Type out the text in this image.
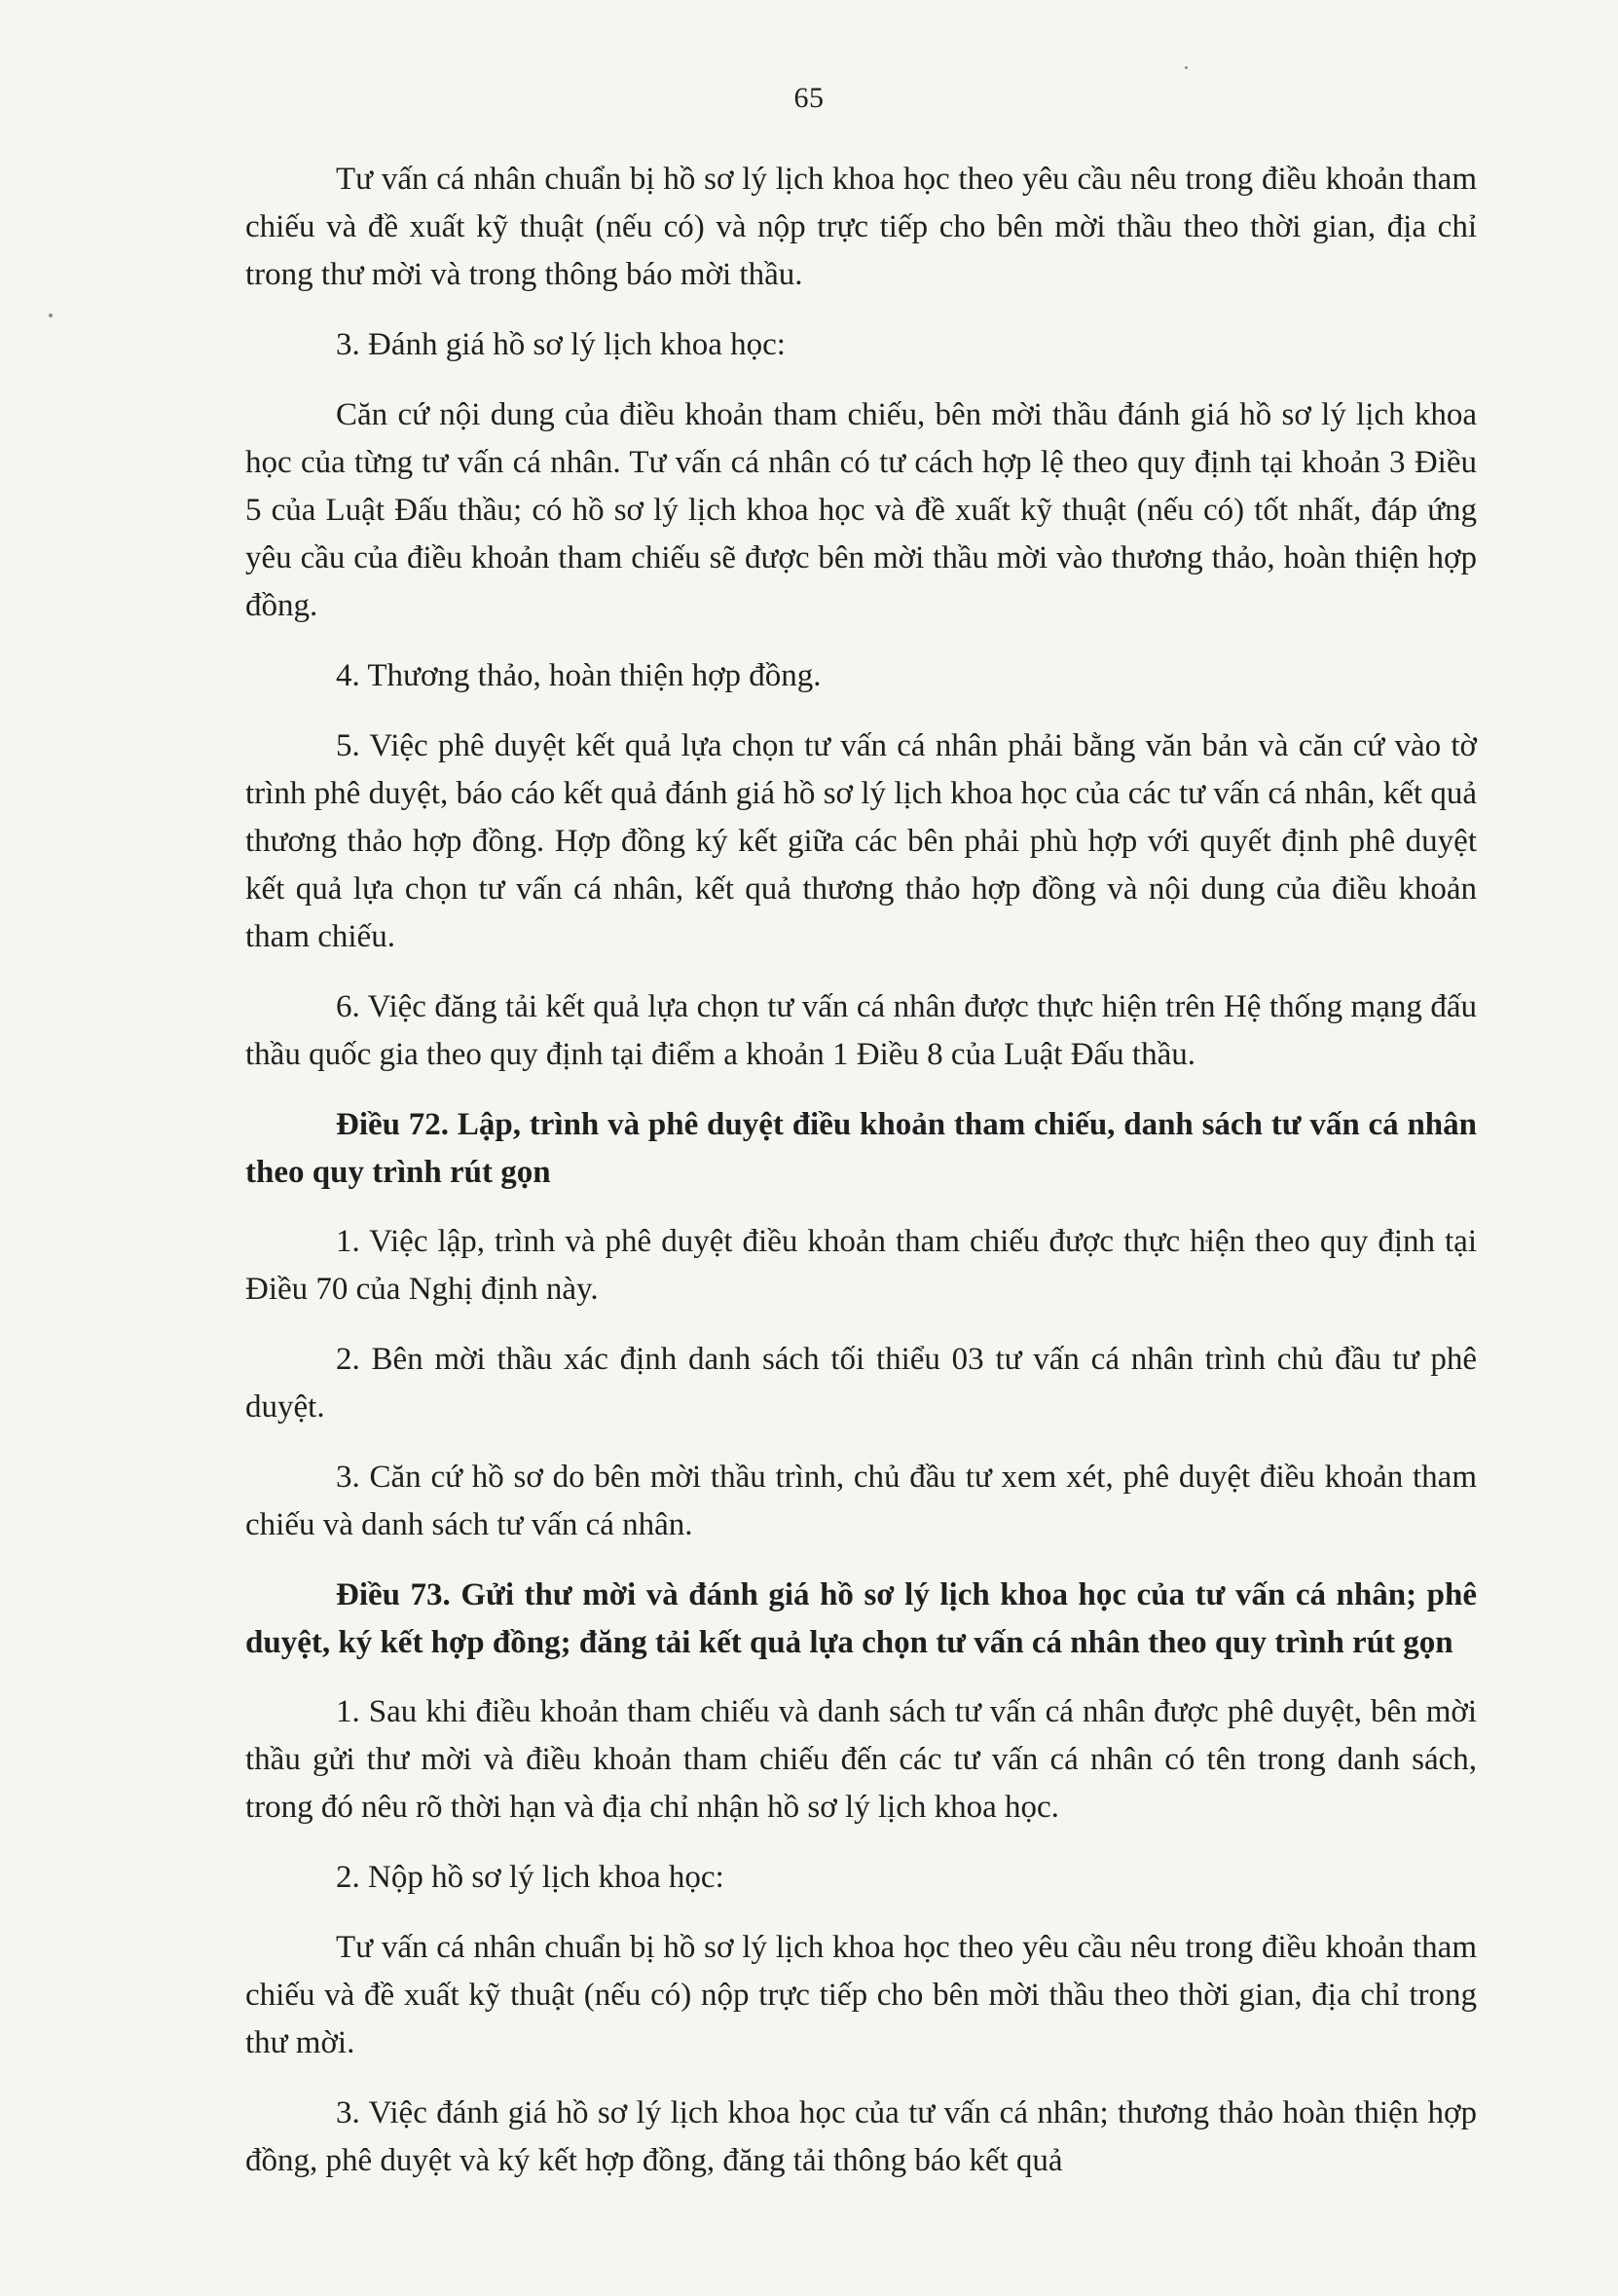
65

Tư vấn cá nhân chuẩn bị hồ sơ lý lịch khoa học theo yêu cầu nêu trong điều khoản tham chiếu và đề xuất kỹ thuật (nếu có) và nộp trực tiếp cho bên mời thầu theo thời gian, địa chỉ trong thư mời và trong thông báo mời thầu.

3. Đánh giá hồ sơ lý lịch khoa học:

Căn cứ nội dung của điều khoản tham chiếu, bên mời thầu đánh giá hồ sơ lý lịch khoa học của từng tư vấn cá nhân. Tư vấn cá nhân có tư cách hợp lệ theo quy định tại khoản 3 Điều 5 của Luật Đấu thầu; có hồ sơ lý lịch khoa học và đề xuất kỹ thuật (nếu có) tốt nhất, đáp ứng yêu cầu của điều khoản tham chiếu sẽ được bên mời thầu mời vào thương thảo, hoàn thiện hợp đồng.

4. Thương thảo, hoàn thiện hợp đồng.

5. Việc phê duyệt kết quả lựa chọn tư vấn cá nhân phải bằng văn bản và căn cứ vào tờ trình phê duyệt, báo cáo kết quả đánh giá hồ sơ lý lịch khoa học của các tư vấn cá nhân, kết quả thương thảo hợp đồng. Hợp đồng ký kết giữa các bên phải phù hợp với quyết định phê duyệt kết quả lựa chọn tư vấn cá nhân, kết quả thương thảo hợp đồng và nội dung của điều khoản tham chiếu.

6. Việc đăng tải kết quả lựa chọn tư vấn cá nhân được thực hiện trên Hệ thống mạng đấu thầu quốc gia theo quy định tại điểm a khoản 1 Điều 8 của Luật Đấu thầu.

Điều 72. Lập, trình và phê duyệt điều khoản tham chiếu, danh sách tư vấn cá nhân theo quy trình rút gọn

1. Việc lập, trình và phê duyệt điều khoản tham chiếu được thực hiện theo quy định tại Điều 70 của Nghị định này.

2. Bên mời thầu xác định danh sách tối thiểu 03 tư vấn cá nhân trình chủ đầu tư phê duyệt.

3. Căn cứ hồ sơ do bên mời thầu trình, chủ đầu tư xem xét, phê duyệt điều khoản tham chiếu và danh sách tư vấn cá nhân.

Điều 73. Gửi thư mời và đánh giá hồ sơ lý lịch khoa học của tư vấn cá nhân; phê duyệt, ký kết hợp đồng; đăng tải kết quả lựa chọn tư vấn cá nhân theo quy trình rút gọn

1. Sau khi điều khoản tham chiếu và danh sách tư vấn cá nhân được phê duyệt, bên mời thầu gửi thư mời và điều khoản tham chiếu đến các tư vấn cá nhân có tên trong danh sách, trong đó nêu rõ thời hạn và địa chỉ nhận hồ sơ lý lịch khoa học.

2. Nộp hồ sơ lý lịch khoa học:

Tư vấn cá nhân chuẩn bị hồ sơ lý lịch khoa học theo yêu cầu nêu trong điều khoản tham chiếu và đề xuất kỹ thuật (nếu có) nộp trực tiếp cho bên mời thầu theo thời gian, địa chỉ trong thư mời.

3. Việc đánh giá hồ sơ lý lịch khoa học của tư vấn cá nhân; thương thảo hoàn thiện hợp đồng, phê duyệt và ký kết hợp đồng, đăng tải thông báo kết quả
